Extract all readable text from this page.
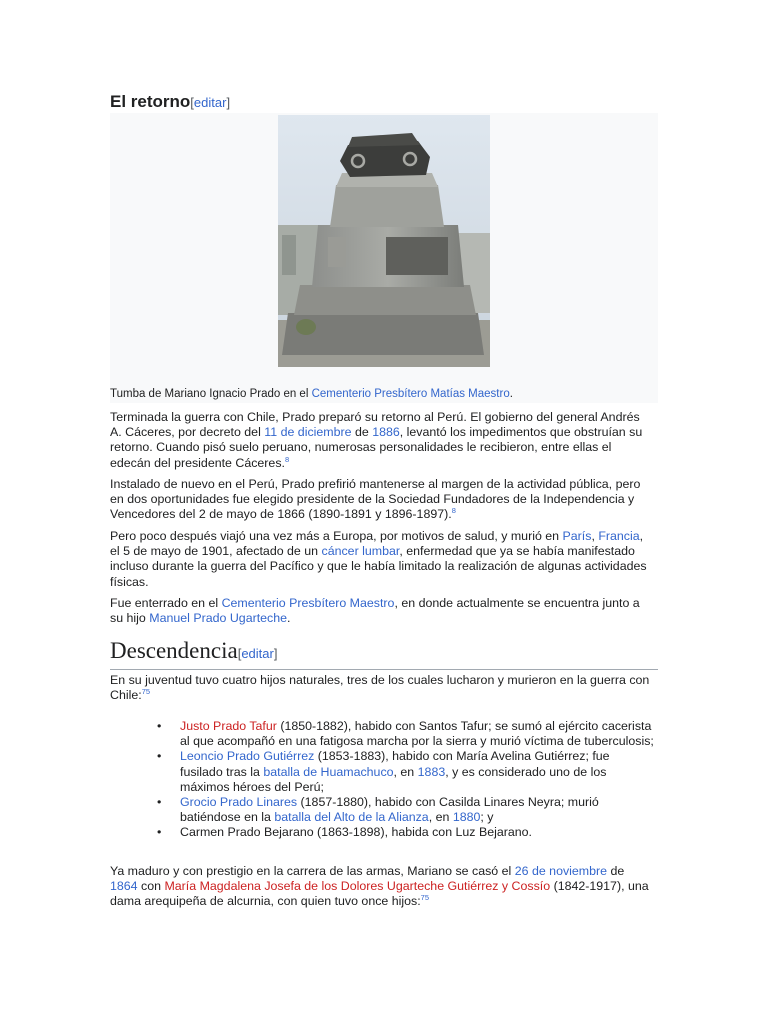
El retorno[editar]
Tumba de Mariano Ignacio Prado en el Cementerio Presbítero Matías Maestro.

Terminada la guerra con Chile, Prado preparó su retorno al Perú. El gobierno del general Andrés A. Cáceres, por decreto del 11 de diciembre de 1886, levantó los impedimentos que obstruían su retorno. Cuando pisó suelo peruano, numerosas personalidades le recibieron, entre ellas el edecán del presidente Cáceres.$^8$

Instalado de nuevo en el Perú, Prado prefirió mantenerse al margen de la actividad pública, pero en dos oportunidades fue elegido presidente de la Sociedad Fundadores de la Independencia y Vencedores del 2 de mayo de 1866 (1890-1891 y 1896-1897).$^8$

Pero poco después viajó una vez más a Europa, por motivos de salud, y murió en París, Francia, el 5 de mayo de 1901, afectado de un cáncer lumbar, enfermedad que ya se había manifestado incluso durante la guerra del Pacífico y que le había limitado la realización de algunas actividades físicas.

Fue enterrado en el Cementerio Presbítero Maestro, en donde actualmente se encuentra junto a su hijo Manuel Prado Ugarteche.

Descendencia[editar]

En su juventud tuvo cuatro hijos naturales, tres de los cuales lucharon y murieron en la guerra con Chile:$^{75}$

• Justo Prado Tafur (1850-1882), habido con Santos Tafur; se sumó al ejército cacerista al que acompañó en una fatigosa marcha por la sierra y murió víctima de tuberculosis;
• Leoncio Prado Gutiérrez (1853-1883), habido con María Avelina Gutiérrez; fue fusilado tras la batalla de Huamachuco, en 1883, y es considerado uno de los máximos héroes del Perú;
• Grocio Prado Linares (1857-1880), habido con Casilda Linares Neyra; murió batiéndose en la batalla del Alto de la Alianza, en 1880; y
• Carmen Prado Bejarano (1863-1898), habida con Luz Bejarano.

Ya maduro y con prestigio en la carrera de las armas, Mariano se casó el 26 de noviembre de 1864 con María Magdalena Josefa de los Dolores Ugarteche Gutiérrez y Cossío (1842-1917), una dama arequipeña de alcurnia, con quien tuvo once hijos:$^{75}$
